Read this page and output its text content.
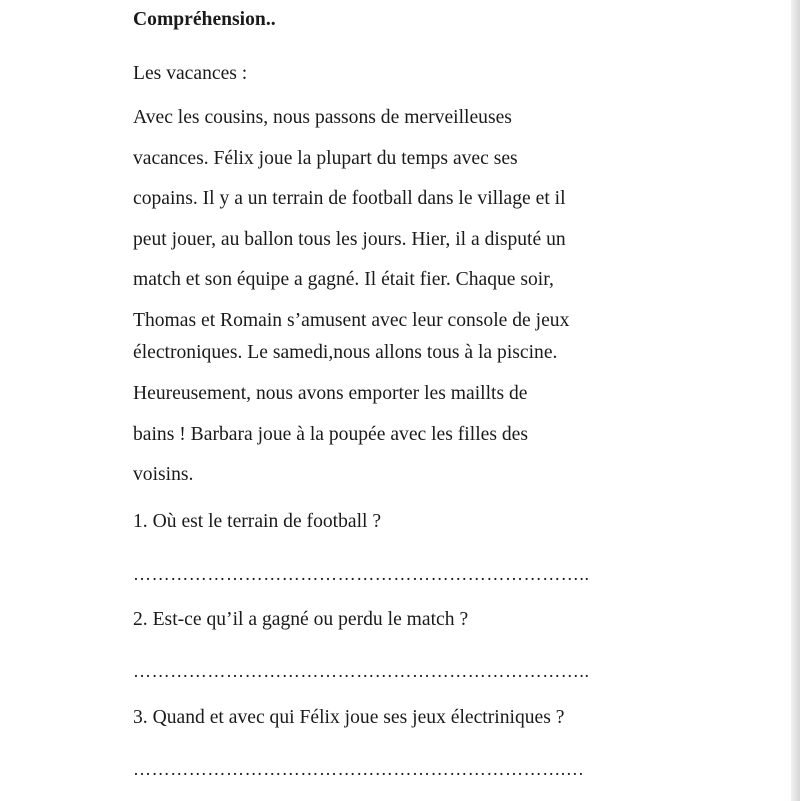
Compréhension..
Les vacances :
Avec les cousins, nous passons de merveilleuses
vacances. Félix joue la plupart du temps avec ses
copains. Il y a un terrain de football dans le village et il
peut jouer, au ballon tous les jours. Hier, il a disputé un
match et son équipe a gagné. Il était fier. Chaque soir,
Thomas et Romain s’amusent avec leur console de jeux
électroniques. Le samedi,nous allons tous à la piscine.
Heureusement, nous avons emporter les maillts de
bains ! Barbara joue à la poupée avec les filles des
voisins.
1. Où est le terrain de football ?
………………………………………………………………..
2. Est-ce qu’il a gagné ou perdu le match ?
………………………………………………………………..
3. Quand et avec qui Félix joue ses jeux électriniques ?
…………………………………………………………….…
